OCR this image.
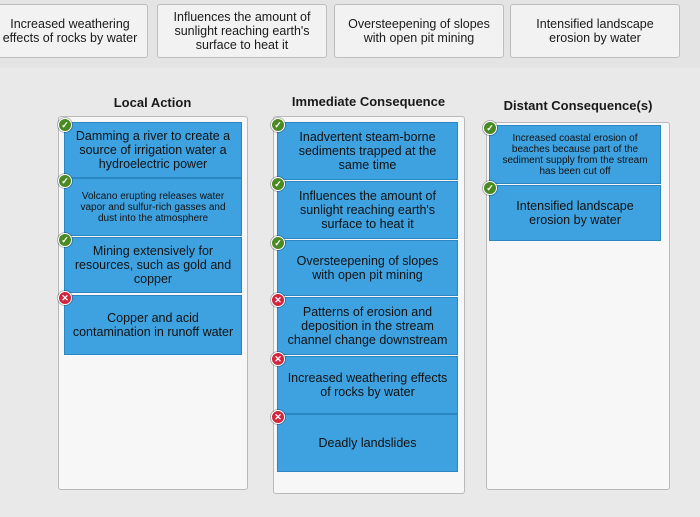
Increased weathering
effects of rocks by water
Influences the amount of
sunlight reaching earth's
surface to heat it
Oversteepening of slopes
with open pit mining
Intensified landscape
erosion by water
Local Action
Damming a river to create a source of irrigation water a hydroelectric power
✓
Volcano erupting releases water vapor and sulfur-rich gasses and dust into the atmosphere
✓
Mining extensively for resources, such as gold and copper
✓
Copper and acid contamination in runoff water
✕
Immediate Consequence
Inadvertent steam-borne sediments trapped at the same time
✓
Influences the amount of sunlight reaching earth's surface to heat it
✓
Oversteepening of slopes with open pit mining
✓
Patterns of erosion and deposition in the stream channel change downstream
✕
Increased weathering effects of rocks by water
✕
Deadly landslides
✕
Distant Consequence(s)
Increased coastal erosion of beaches because part of the sediment supply from the stream has been cut off
✓
Intensified landscape erosion by water
✓
